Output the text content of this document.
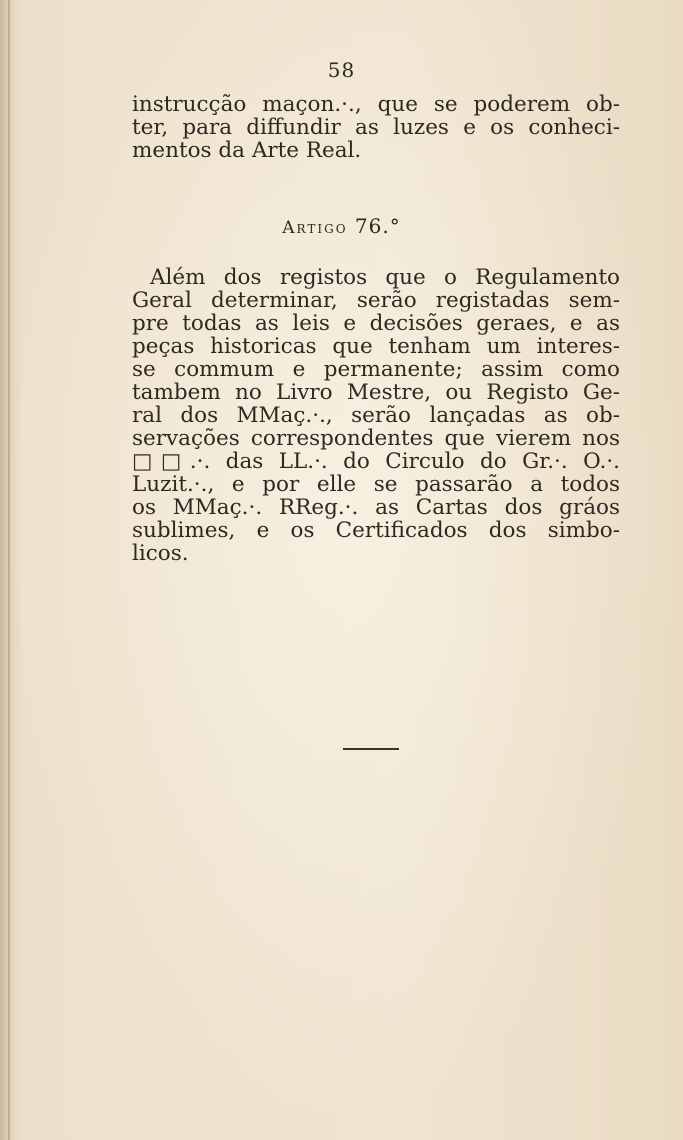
58
instrucção maçon.·., que se poderem ob-
ter, para diffundir as luzes e os conheci-
mentos da Arte Real.
Artigo 76.°
Além dos registos que o Regulamento
Geral determinar, serão registadas sem-
pre todas as leis e decisões geraes, e as
peças historicas que tenham um interes-
se commum e permanente; assim como
tambem no Livro Mestre, ou Registo Ge-
ral dos MMaç.·., serão lançadas as ob-
servações correspondentes que vierem nos
□□.·. das LL.·. do Circulo do Gr.·. O.·.
Luzit.·., e por elle se passarão a todos
os MMaç.·. RReg.·. as Cartas dos gráos
sublimes, e os Certificados dos simbo-
licos.
